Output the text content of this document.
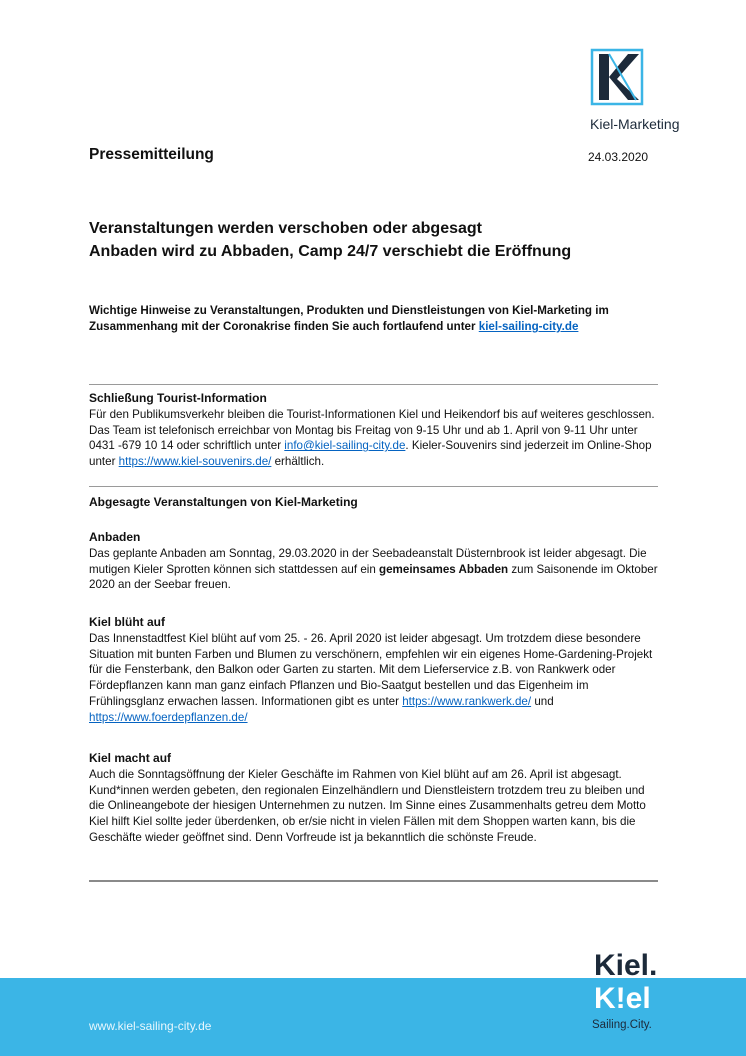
Kiel-Marketing
Pressemitteilung	24.03.2020
Veranstaltungen werden verschoben oder abgesagt
Anbaden wird zu Abbaden, Camp 24/7 verschiebt die Eröffnung
Wichtige Hinweise zu Veranstaltungen, Produkten und Dienstleistungen von Kiel-Marketing im Zusammenhang mit der Coronakrise finden Sie auch fortlaufend unter kiel-sailing-city.de

Schließung Tourist-Information

Für den Publikumsverkehr bleiben die Tourist-Informationen Kiel und Heikendorf bis auf weiteres geschlossen. Das Team ist telefonisch erreichbar von Montag bis Freitag von 9-15 Uhr und ab 1. April von 9-11 Uhr unter 0431 -679 10 14 oder schriftlich unter info@kiel-sailing-city.de. Kieler-Souvenirs sind jederzeit im Online-Shop unter https://www.kiel-souvenirs.de/ erhältlich.

Abgesagte Veranstaltungen von Kiel-Marketing

Anbaden

Das geplante Anbaden am Sonntag, 29.03.2020 in der Seebadeanstalt Düsternbrook ist leider abgesagt. Die mutigen Kieler Sprotten können sich stattdessen auf ein gemeinsames Abbaden zum Saisonende im Oktober 2020 an der Seebar freuen.

Kiel blüht auf

Das Innenstadtfest Kiel blüht auf vom 25. - 26. April 2020 ist leider abgesagt. Um trotzdem diese besondere Situation mit bunten Farben und Blumen zu verschönern, empfehlen wir ein eigenes Home-Gardening-Projekt für die Fensterbank, den Balkon oder Garten zu starten. Mit dem Lieferservice z.B. von Rankwerk oder Fördepflanzen kann man ganz einfach Pflanzen und Bio-Saatgut bestellen und das Eigenheim im Frühlingsglanz erwachen lassen. Informationen gibt es unter https://www.rankwerk.de/ und https://www.foerdepflanzen.de/

Kiel macht auf

Auch die Sonntagsöffnung der Kieler Geschäfte im Rahmen von Kiel blüht auf am 26. April ist abgesagt. Kund*innen werden gebeten, den regionalen Einzelhändlern und Dienstleistern trotzdem treu zu bleiben und die Onlineangebote der hiesigen Unternehmen zu nutzen. Im Sinne eines Zusammenhalts getreu dem Motto Kiel hilft Kiel sollte jeder überdenken, ob er/sie nicht in vielen Fällen mit dem Shoppen warten kann, bis die Geschäfte wieder geöffnet sind. Denn Vorfreude ist ja bekanntlich die schönste Freude.

www.kiel-sailing-city.de
Kiel.
K!el
Sailing.City.
